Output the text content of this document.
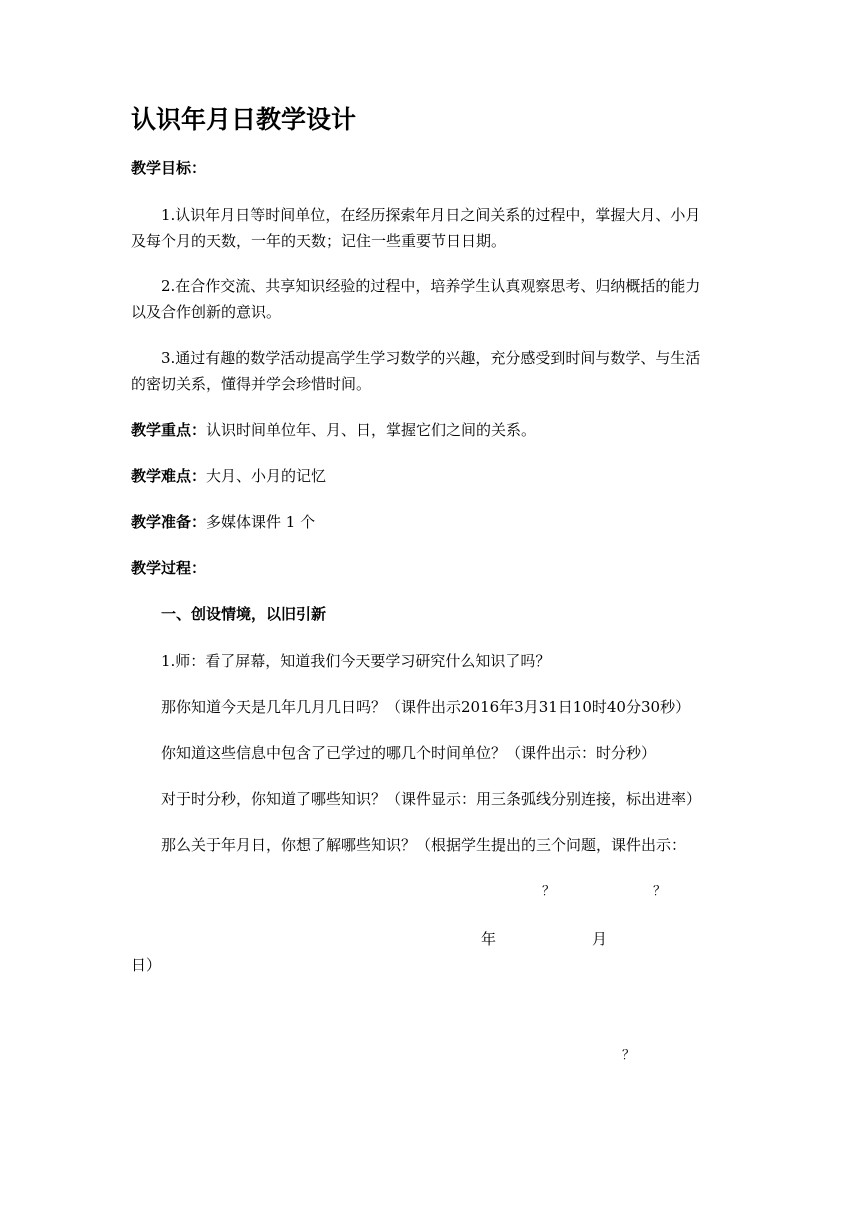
认识年月日教学设计

教学目标：

1.认识年月日等时间单位，在经历探索年月日之间关系的过程中，掌握大月、小月

及每个月的天数，一年的天数；记住一些重要节日日期。

2.在合作交流、共享知识经验的过程中，培养学生认真观察思考、归纳概括的能力

以及合作创新的意识。

3.通过有趣的数学活动提高学生学习数学的兴趣，充分感受到时间与数学、与生活

的密切关系，懂得并学会珍惜时间。

教学重点：认识时间单位年、月、日，掌握它们之间的关系。

教学难点：大月、小月的记忆

教学准备：多媒体课件 1 个

教学过程：

一、创设情境，以旧引新

1.师：看了屏幕，知道我们今天要学习研究什么知识了吗？

那你知道今天是几年几月几日吗？（课件出示2016年3月31日10时40分30秒）

你知道这些信息中包含了已学过的哪几个时间单位？（课件出示：时分秒）

对于时分秒，你知道了哪些知识？（课件显示：用三条弧线分别连接，标出进率）

那么关于年月日，你想了解哪些知识？（根据学生提出的三个问题，课件出示：

？	？

年	月

日）

？
